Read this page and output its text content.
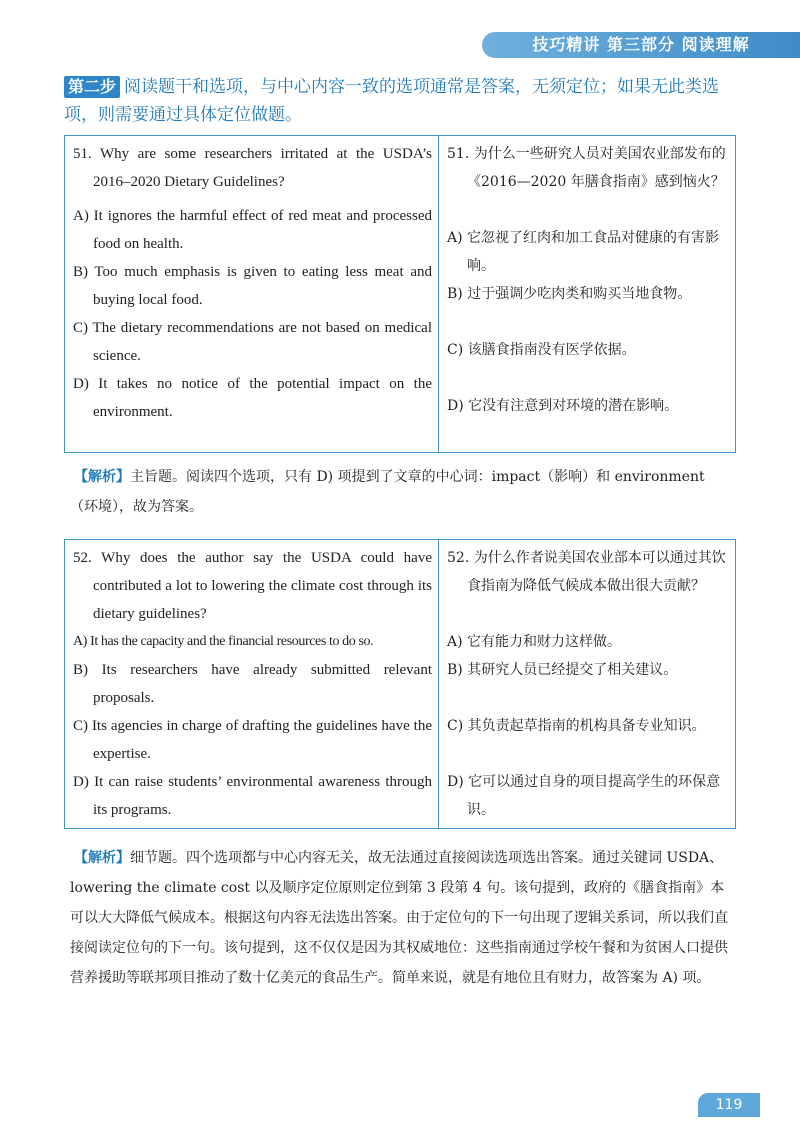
技巧精讲 第三部分 阅读理解
第二步 阅读题干和选项，与中心内容一致的选项通常是答案，无须定位；如果无此类选项，则需要通过具体定位做题。
51. Why are some researchers irritated at the USDA’s 2016–2020 Dietary Guidelines?
A) It ignores the harmful effect of red meat and processed food on health.
B) Too much emphasis is given to eating less meat and buying local food.
C) The dietary recommendations are not based on medical science.
D) It takes no notice of the potential impact on the environment.
51. 为什么一些研究人员对美国农业部发布的《2016—2020 年膳食指南》感到恼火？
A) 它忽视了红肉和加工食品对健康的有害影响。
B) 过于强调少吃肉类和购买当地食物。
C) 该膳食指南没有医学依据。
D) 它没有注意到对环境的潜在影响。
【解析】主旨题。阅读四个选项，只有 D) 项提到了文章的中心词：impact（影响）和 environment（环境），故为答案。
52. Why does the author say the USDA could have contributed a lot to lowering the climate cost through its dietary guidelines?
A) It has the capacity and the financial resources to do so.
B) Its researchers have already submitted relevant proposals.
C) Its agencies in charge of drafting the guidelines have the expertise.
D) It can raise students’ environmental awareness through its programs.
52. 为什么作者说美国农业部本可以通过其饮食指南为降低气候成本做出很大贡献？
A) 它有能力和财力这样做。
B) 其研究人员已经提交了相关建议。
C) 其负责起草指南的机构具备专业知识。
D) 它可以通过自身的项目提高学生的环保意识。
【解析】细节题。四个选项都与中心内容无关，故无法通过直接阅读选项选出答案。通过关键词 USDA、lowering the climate cost 以及顺序定位原则定位到第 3 段第 4 句。该句提到，政府的《膳食指南》本可以大大降低气候成本。根据这句内容无法选出答案。由于定位句的下一句出现了逻辑关系词，所以我们直接阅读定位句的下一句。该句提到，这不仅仅是因为其权威地位：这些指南通过学校午餐和为贫困人口提供营养援助等联邦项目推动了数十亿美元的食品生产。简单来说，就是有地位且有财力，故答案为 A) 项。
119
